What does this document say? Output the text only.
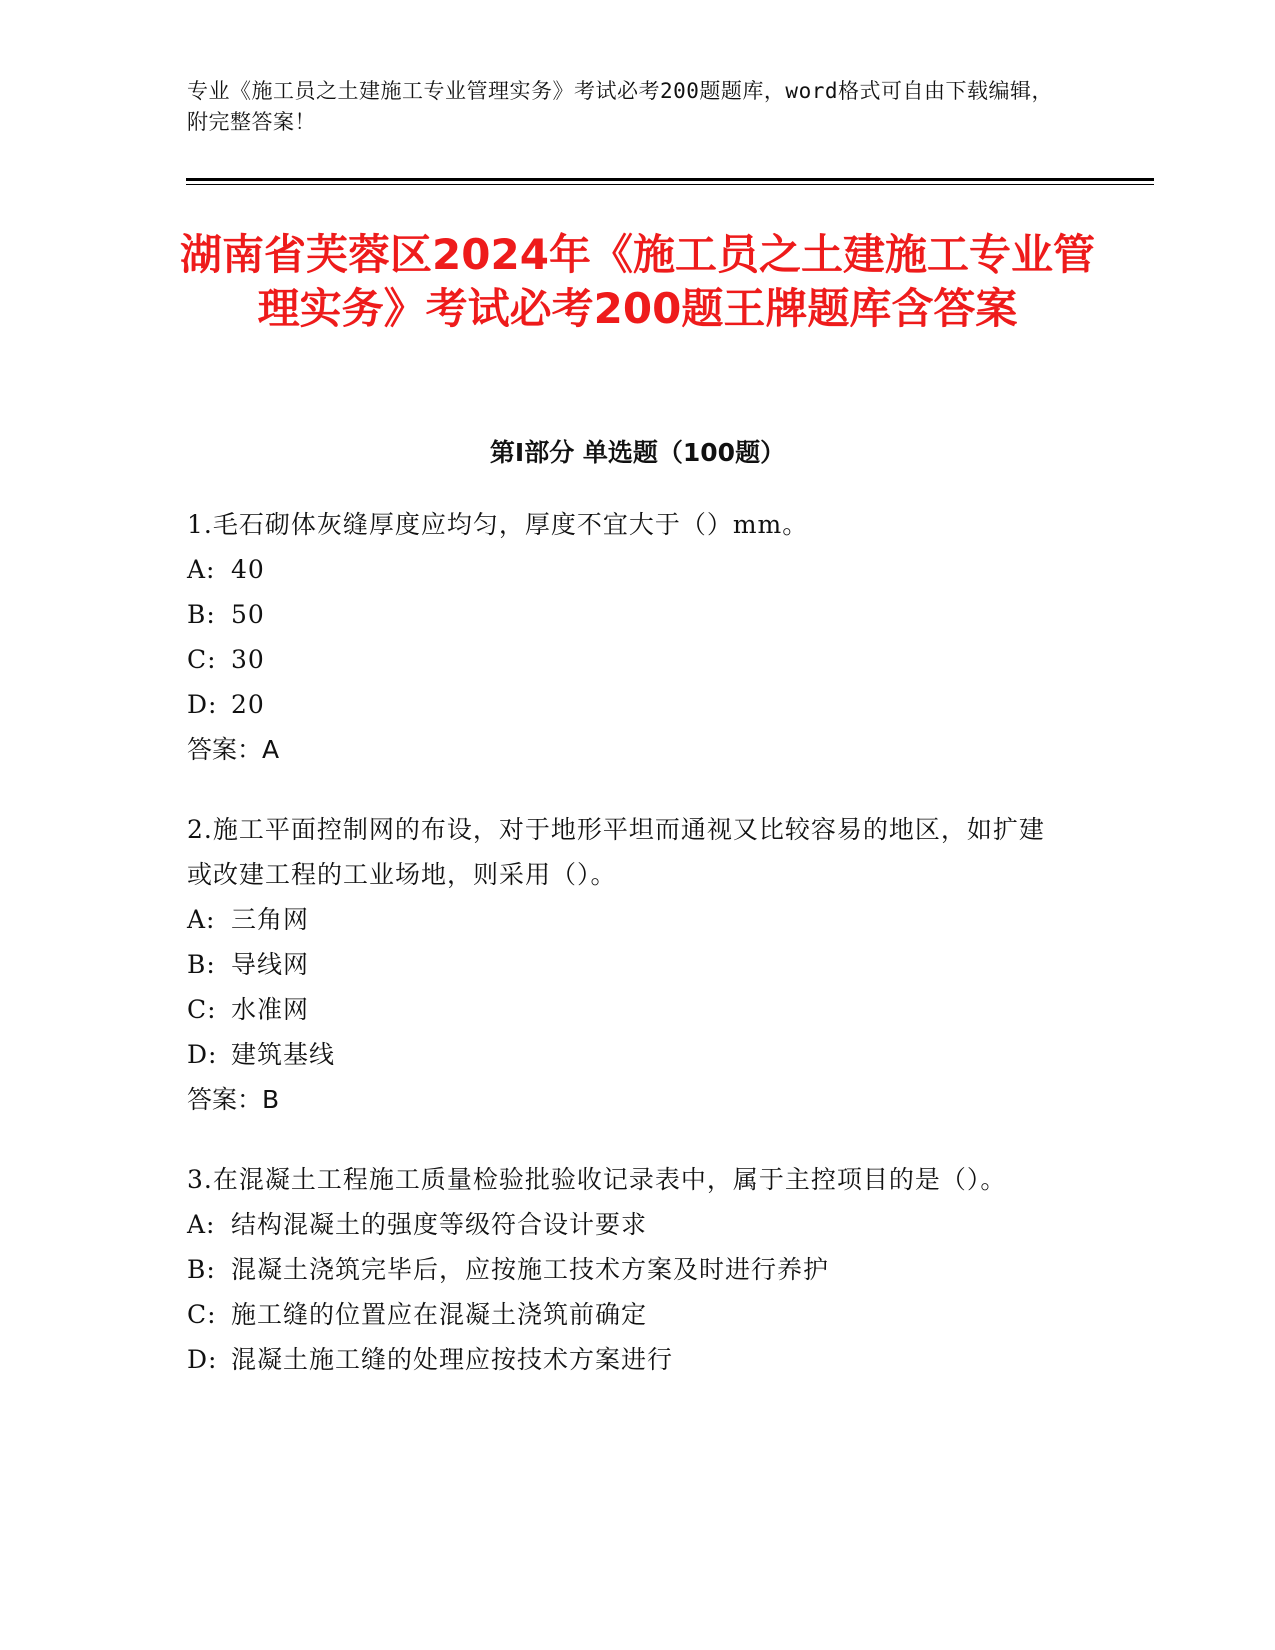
专业《施工员之土建施工专业管理实务》考试必考200题题库，word格式可自由下载编辑，附完整答案！
湖南省芙蓉区2024年《施工员之土建施工专业管理实务》考试必考200题王牌题库含答案
第I部分 单选题（100题）
1.毛石砌体灰缝厚度应均匀，厚度不宜大于（）mm。
A: 40
B: 50
C: 30
D: 20
答案：A
2.施工平面控制网的布设，对于地形平坦而通视又比较容易的地区，如扩建或改建工程的工业场地，则采用（）。
A: 三角网
B: 导线网
C: 水准网
D: 建筑基线
答案：B
3.在混凝土工程施工质量检验批验收记录表中，属于主控项目的是（）。
A: 结构混凝土的强度等级符合设计要求
B: 混凝土浇筑完毕后，应按施工技术方案及时进行养护
C: 施工缝的位置应在混凝土浇筑前确定
D: 混凝土施工缝的处理应按技术方案进行
